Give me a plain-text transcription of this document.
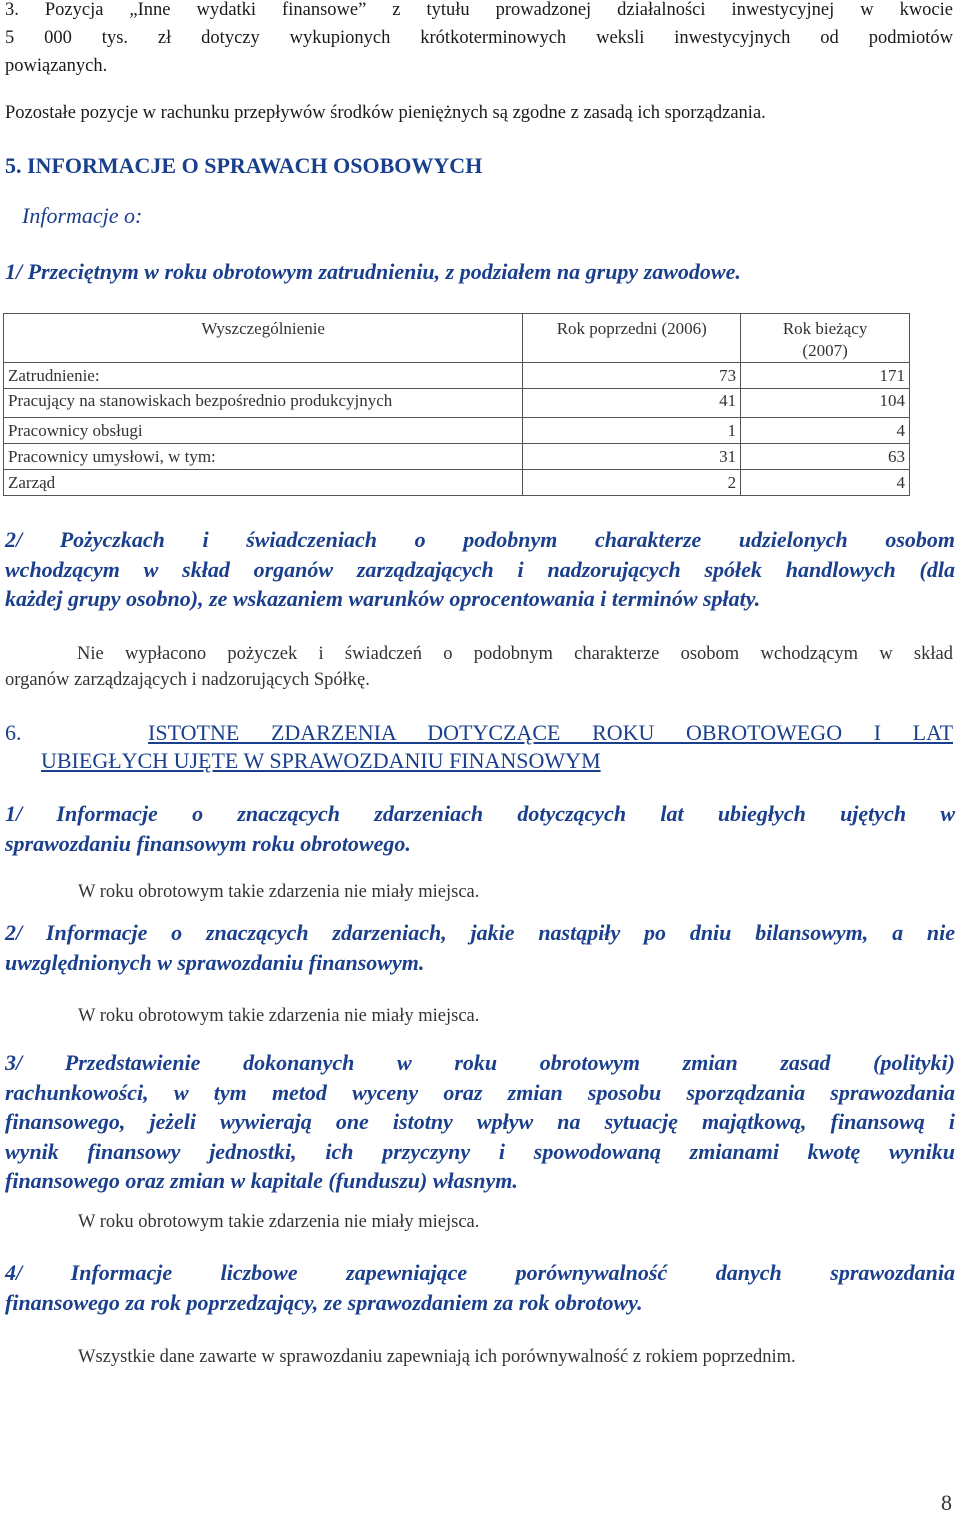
3. Pozycja „Inne wydatki finansowe” z tytułu prowadzonej działalności inwestycyjnej w kwocie
5 000 tys. zł dotyczy wykupionych krótkoterminowych weksli inwestycyjnych od podmiotów
powiązanych.
Pozostałe pozycje w rachunku przepływów środków pieniężnych są zgodne z zasadą ich sporządzania.
5. INFORMACJE O SPRAWACH OSOBOWYCH
Informacje o:
1/ Przeciętnym w roku obrotowym zatrudnieniu, z podziałem na grupy zawodowe.
Wyszczególnienie	Rok poprzedni (2006)	Rok bieżący
(2007)
Zatrudnienie:	73	171
Pracujący na stanowiskach bezpośrednio produkcyjnych	41	104
Pracownicy obsługi	1	4
Pracownicy umysłowi, w tym:	31	63
Zarząd	2	4
2/ Pożyczkach i świadczeniach o podobnym charakterze udzielonych osobom
wchodzącym w skład organów zarządzających i nadzorujących spółek handlowych (dla
każdej grupy osobno), ze wskazaniem warunków oprocentowania i terminów spłaty.
Nie wypłacono pożyczek i świadczeń o podobnym charakterze osobom wchodzącym w skład
organów zarządzających i nadzorujących Spółkę.
6.	ISTOTNE ZDARZENIA DOTYCZĄCE ROKU OBROTOWEGO I LAT
UBIEGŁYCH UJĘTE W SPRAWOZDANIU FINANSOWYM
1/ Informacje o znaczących zdarzeniach dotyczących lat ubiegłych ujętych w
sprawozdaniu finansowym roku obrotowego.
W roku obrotowym takie zdarzenia nie miały miejsca.
2/ Informacje o znaczących zdarzeniach, jakie nastąpiły po dniu bilansowym, a nie
uwzględnionych w sprawozdaniu finansowym.
W roku obrotowym takie zdarzenia nie miały miejsca.
3/ Przedstawienie dokonanych w roku obrotowym zmian zasad (polityki)
rachunkowości, w tym metod wyceny oraz zmian sposobu sporządzania sprawozdania
finansowego, jeżeli wywierają one istotny wpływ na sytuację majątkową, finansową i
wynik finansowy jednostki, ich przyczyny i spowodowaną zmianami kwotę wyniku
finansowego oraz zmian w kapitale (funduszu) własnym.
W roku obrotowym takie zdarzenia nie miały miejsca.
4/ Informacje liczbowe zapewniające porównywalność danych sprawozdania
finansowego za rok poprzedzający, ze sprawozdaniem za rok obrotowy.
Wszystkie dane zawarte w sprawozdaniu zapewniają ich porównywalność z rokiem poprzednim.
8
